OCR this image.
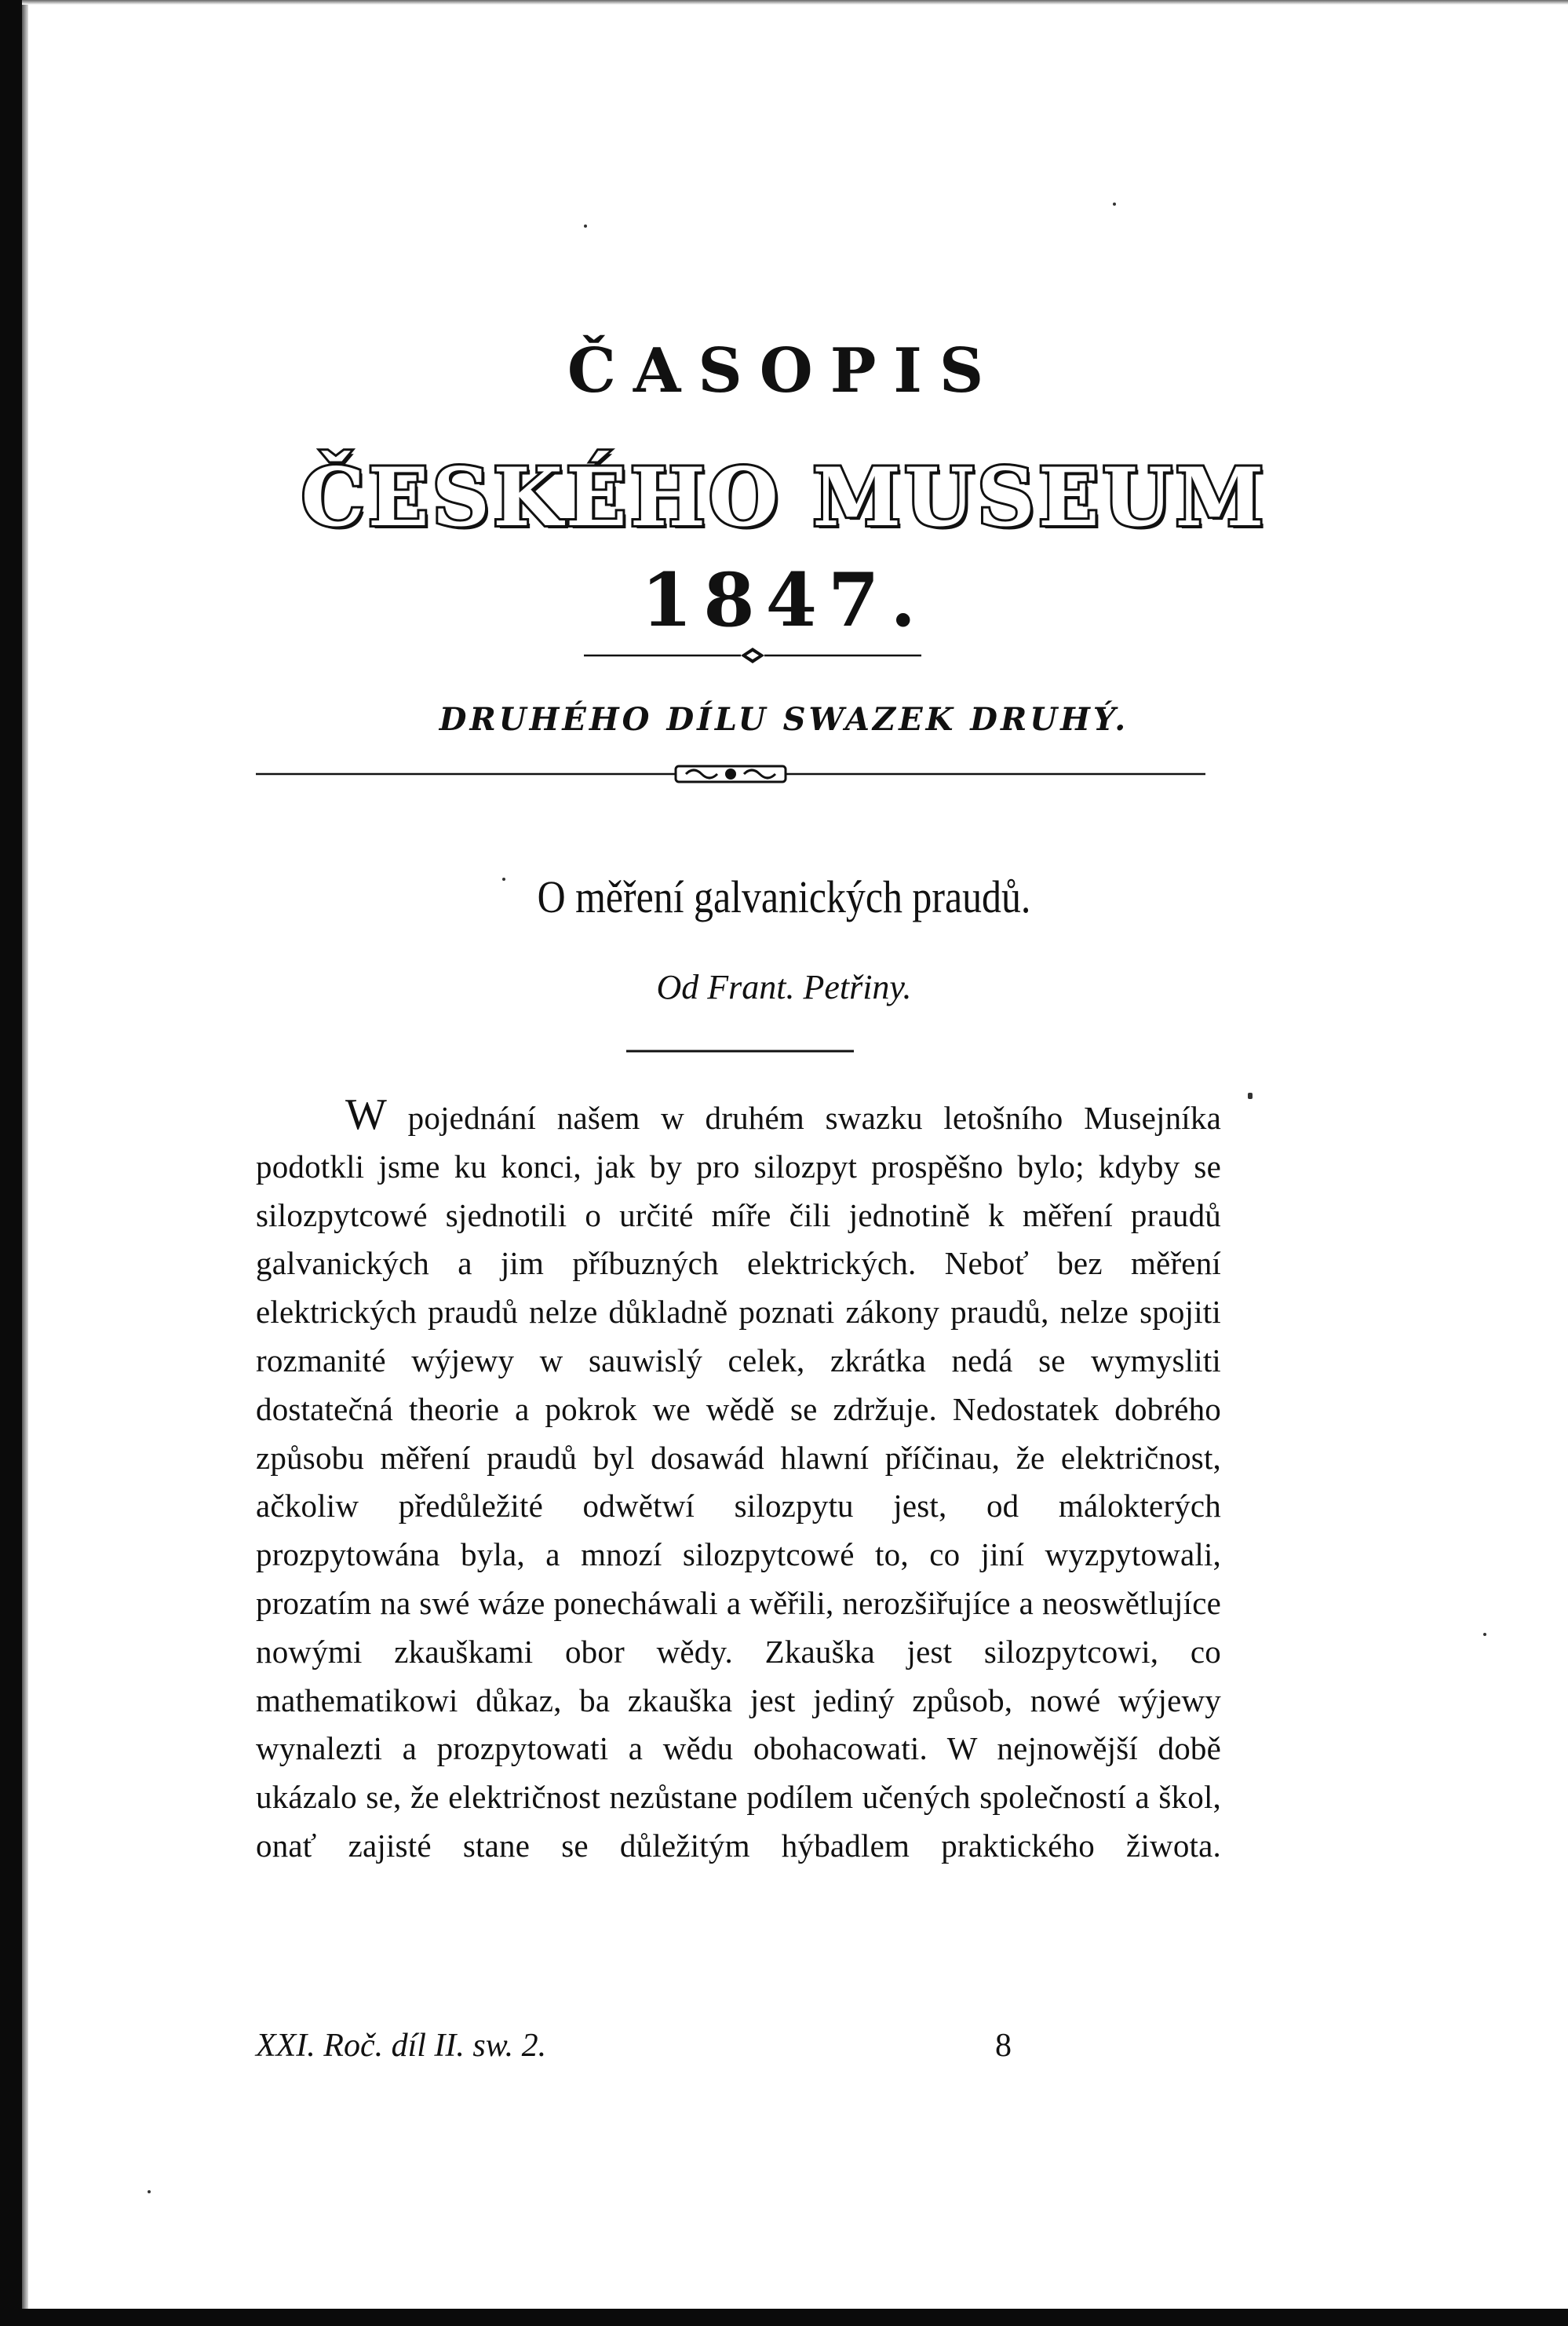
ČASOPIS
ČESKÉHO MUSEUM
1847.
DRUHÉHO DÍLU SWAZEK DRUHÝ.
O měření galvanických praudů.
Od Frant. Petřiny.

W pojednání našem w druhém swazku letošního Musejníka podotkli jsme ku konci, jak by pro silozpyt prospěšno bylo; kdyby se silozpytcowé sjednotili o určité míře čili jednotině k měření praudů galvanických a jim příbuzných elektrických. Neboť bez měření elektrických praudů nelze důkladně poznati zákony praudů, nelze spojiti rozmanité wýjewy w sauwislý celek, zkrátka nedá se wymysliti dostatečná theorie a pokrok we wědě se zdržuje. Nedostatek dobrého způsobu měření praudů byl dosawád hlawní příčinau, že električnost, ačkoliw předůležité odwětwí silozpytu jest, od málokterých prozpytowána byla, a mnozí silozpytcowé to, co jiní wyzpytowali, prozatím na swé wáze ponecháwali a wěřili, nerozšiřujíce a neoswětlujíce nowými zkauškami obor wědy. Zkauška jest silozpytcowi, co mathematikowi důkaz, ba zkauška jest jediný způsob, nowé wýjewy wynalezti a prozpytowati a wědu obohacowati. W nejnowější době ukázalo se, že električnost nezůstane podílem učených společností a škol, onať zajisté stane se důležitým hýbadlem praktického žiwota.

XXI. Roč. díl II. sw. 2.	8
